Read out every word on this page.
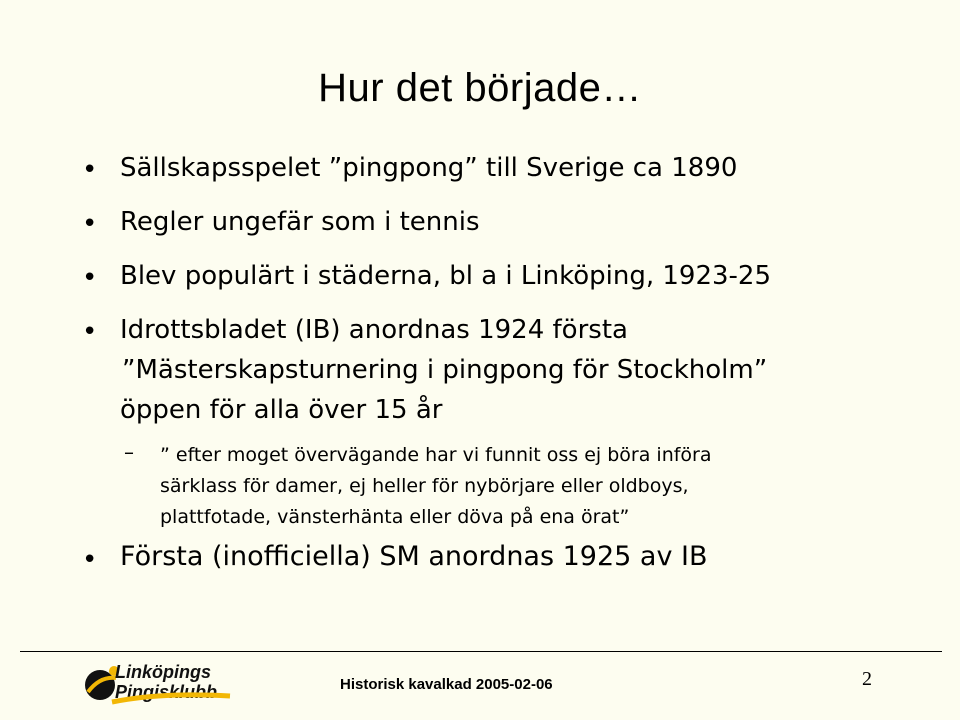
Hur det började…
• Sällskapsspelet ”pingpong” till Sverige ca 1890
• Regler ungefär som i tennis
• Blev populärt i städerna, bl a i Linköping, 1923-25
• Idrottsbladet (IB) anordnas 1924 första
”Mästerskapsturnering i pingpong för Stockholm”
öppen för alla över 15 år
– ” efter moget övervägande har vi funnit oss ej böra införa
särklass för damer, ej heller för nybörjare eller oldboys,
plattfotade, vänsterhänta eller döva på ena örat”
• Första (inofficiella) SM anordnas 1925 av IB
Linköpings
Pingisklubb	Historisk kavalkad 2005-02-06	2
